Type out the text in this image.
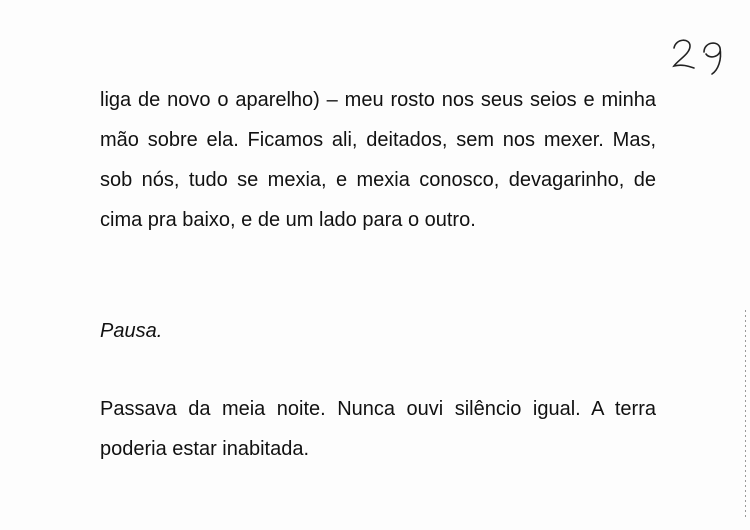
liga de novo o aparelho) – meu rosto nos seus seios e minha mão sobre ela. Ficamos ali, deitados, sem nos mexer. Mas, sob nós, tudo se mexia, e mexia conosco, devagarinho, de cima pra baixo, e de um lado para o outro.

Pausa.

Passava da meia noite. Nunca ouvi silêncio igual. A terra poderia estar inabitada.
